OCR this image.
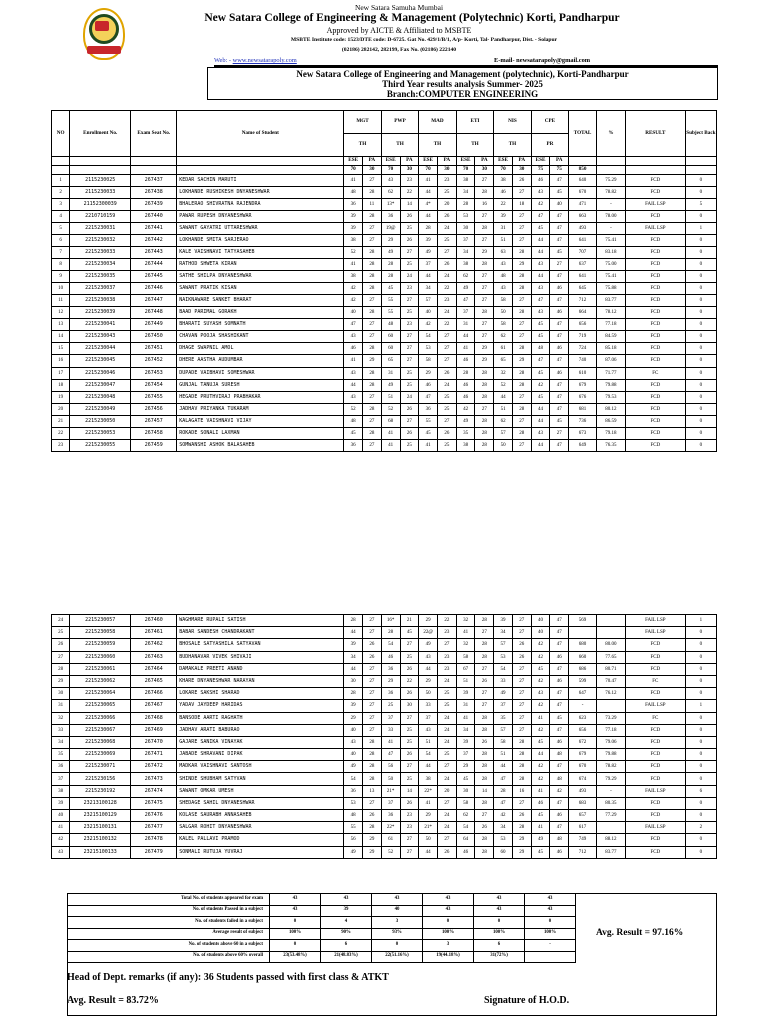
New Satara Samuha Mumbai
New Satara College of Engineering & Management (Polytechnic) Korti, Pandharpur
Approved by AICTE & Affiliated to MSBTE
MSBTE Institute code: 1523/DTE code: D-6725. Gat No. 429/1/B/1, A/p- Korti, Tal- Pandharpur, Dist. - Solapur
(02186) 282142, 282199, Fax No. (02186) 222140
Web: - www.newsatarapoly.com	E-mail- newsatarapoly@gmail.com
New Satara College of Engineering and Management (polytechnic), Korti-Pandharpur
Third Year results analysis Summer- 2025
Branch:COMPUTER ENGINEERING
NO	Enrollment No.	Exam Seat No.	Name of Student	MGT		PWP		MAD		ETI		NIS		CPE		TOTAL	%	RESULT	Subject Back
				TH		TH		TH		TH		TH		PR					
				ESE	PA	ESE	PA	ESE	PA	ESE	PA	ESE	PA	ESE	PA				
				70	30	70	30	70	30	70	30	70	30	75	75	850			
1	2115230025	267437	KEDAR SACHIN MARUTI	41	27	43	23	41	23	38	27	38	26	46	47	640	75.29	FCD	0
2	2115230033	267438	LOKHANDE RUSHIKESH DNYANESHWAR	48	28	62	22	44	25	34	28	46	27	43	45	670	78.82	FCD	0
3	21152300039	267439	BHALERAO SHIVRATNA RAJENDRA	36	11	13*	14	4*	20	28	16	22	18	42	40	471	-	FAIL LSP	5
4	2210710159	267440	PAWAR RUPESH DNYANESHWAR	39	28	36	26	44	26	53	27	39	27	47	47	663	78.00	FCD	0
5	2215230031	267441	SAWANT GAYATRI UTTARESHWAR	39	27	19@	25	28	24	30	28	31	27	45	47	493	-	FAIL LSP	1
6	2215230032	267442	LOKHANDE SMITA SARJERAO	38	27	29	26	39	25	37	27	51	27	44	47	641	75.41	FCD	0
7	2215230033	267443	KALE VAISHNAVI TATYASAHEB	52	28	49	27	49	27	34	29	63	28	44	45	707	83.18	FCD	0
8	2215230034	267444	RATHOD SHWETA KIRAN	41	28	28	25	37	26	38	28	43	29	43	27	637	75.00	FCD	0
9	2215230035	267445	SATHE SHILPA DNYANESHWAR	38	28	28	24	44	24	62	27	48	28	44	47	641	75.41	FCD	0
10	2215230037	267446	SAWANT PRATIK KISAN	42	28	45	23	34	22	49	27	43	28	43	46	645	75.88	FCD	0
11	2215230038	267447	NAIKNAWARE SANKET BHARAT	42	27	55	27	57	23	47	27	58	27	47	47	712	83.77	FCD	0
12	2215230039	267448	BAAD PARIMAL GORAKH	40	28	55	25	40	24	37	28	50	28	43	46	664	78.12	FCD	0
13	2215230041	267449	BHARATI SUYASH SOMNATH	47	27	48	23	42	22	31	27	58	27	45	47	656	77.18	FCD	0
14	2215230043	267450	CHAVAN POOJA SHASHIKANT	43	27	60	27	54	27	44	27	62	27	45	47	719	84.59	FCD	0
15	2215230044	267451	DHAGE SWAPNIL AMOL	46	28	60	27	53	27	41	29	61	28	48	46	724	85.18	FCD	0
16	2215230045	267452	DHERE AASTHA AUDUMBAR	41	29	65	27	58	27	46	29	65	29	47	47	740	87.06	FCD	0
17	2215230046	267453	DUPADE VAIBHAVI SOMESHWAR	43	28	31	25	29	26	28	28	32	28	45	46	610	71.77	FC	0
18	2215230047	267454	GUNJAL TANUJA SURESH	44	28	49	25	46	24	46	28	52	28	42	47	679	79.88	FCD	0
19	2215230048	267455	HEGADE PRUTHVIRAJ PRABHAKAR	43	27	51	24	47	25	46	28	44	27	45	47	676	79.53	FCD	0
20	2215230049	267456	JADHAV PRIYANKA TUKARAM	52	28	52	26	36	25	42	27	51	28	44	47	681	80.12	FCD	0
21	2215230050	267457	KALAGATE VAISHNAVI VIJAY	48	27	68	27	55	27	49	28	62	27	44	45	736	86.59	FCD	0
22	2215230053	267458	ROKADE SONALI LAXMAN	45	28	41	26	45	26	35	28	57	28	43	27	673	79.18	FCD	0
23	2215230055	267459	SOMWANSHI ASHOK BALASAHEB	36	27	41	25	41	25	38	28	50	27	44	47	649	76.35	FCD	0
24	2215230057	267460	WAGHMARE RUPALI SATISH	28	27	16*	21	29	22	32	28	39	27	40	47	569		FAIL LSP	1
25	2215230058	267461	BABAR SANDESH CHANDRAKANT	44	27	28	45	22@	23	41	27	34	27	40	47			FAIL LSP	0
26	2215230059	267462	BHOSALE SATYASHILA SATYAVAN	39	26	54	27	49	27	32	28	57	26	42	47	680	80.00	FCD	0
27	2215230060	267463	BUDHANAVAR VIVEK SHIVAJI	34	26	46	25	43	23	58	28	53	26	42	46	660	77.65	FCD	0
28	2215230061	267464	DAMAKALE PREETI ANAND	44	27	36	26	44	23	67	27	54	27	45	47	686	80.71	FCD	0
29	2215230062	267465	KHARE DNYANESHWAR NARAYAN	30	27	29	22	29	24	51	26	33	27	42	46	599	70.47	FC	0
30	2215230064	267466	LOKARE SAKSHI SHARAD	28	27	36	26	50	25	39	27	49	27	43	47	647	76.12	FCD	0
31	2215230065	267467	YADAV JAYDEEP HARIDAS	39	27	25	30	33	25	31	27	37	27	42	47	-		FAIL LSP	1
32	2215230066	267468	BANSODE AARTI RAGHATH	29	27	37	27	37	24	41	28	35	27	41	45	623	73.29	FC	0
33	2215230067	267469	JADHAV ARATI BABURAO	40	27	33	25	43	24	34	28	57	27	42	47	656	77.18	FCD	0
34	2215230068	267470	GAJARE SANIKA VINAYAK	43	28	41	25	51	24	39	26	58	28	45	46	672	79.06	FCD	0
35	2215230069	267471	JABADE SHRAVANI DIPAK	40	28	47	26	54	25	37	28	51	28	44	48	679	79.88	FCD	0
36	2215230071	267472	MADKAR VAISHNAVI SANTOSH	49	28	56	27	44	27	29	28	44	28	42	47	670	78.82	FCD	0
37	2215230156	267473	SHINDE SHUBHAM SATYVAN	54	28	50	25	38	24	45	28	47	28	42	48	674	79.29	FCD	0
38	2215230192	267474	SAWANT OMKAR UMESH	36	13	21*	14	22*	20	30	14	28	16	41	42	493	-	FAIL LSP	6
39	23213100128	267475	SHEDAGE SAHIL DNYANESHWAR	53	27	37	26	41	27	58	28	47	27	46	47	683	80.35	FCD	0
40	23215100129	267476	KOLASE SAURABH ANNASAHEB	48	26	36	23	29	24	62	27	42	26	45	46	657	77.29	FCD	0
41	23215100131	267477	SALGAR ROHIT DNYANESHWAR	55	28	22*	23	21*	24	54	26	34	28	41	47	617		FAIL LSP	2
42	23215100132	267478	KALEL PALLAVI PRAMOD	56	29	61	27	50	27	64	28	53	29	49	48	749	88.12	FCD	0
43	23215100133	267479	SONMALI RUTUJA YUVRAJ	49	29	52	27	44	26	46	28	60	29	45	46	712	83.77	FCD	0
Total No. of students appeared for exam	43	43	43	43	43	43
No. of students Passed in a subject	43	39	40	43	43	43
No. of students failed in a subject	0	4	3	0	0	0
Average result of subject	100%	90%	93%	100%	100%	100%
No. of students above 60 in a subject	0	6	0	3	6	-
No. of students above 60% overall	23(53.48%)	21(48.83%)	22(51.16%)	19(44.18%)	31(72%)	
Avg. Result = 97.16%
Head of Dept. remarks (if any): 36 Students passed with first class & ATKT
Avg. Result = 83.72%	Signature of H.O.D.
